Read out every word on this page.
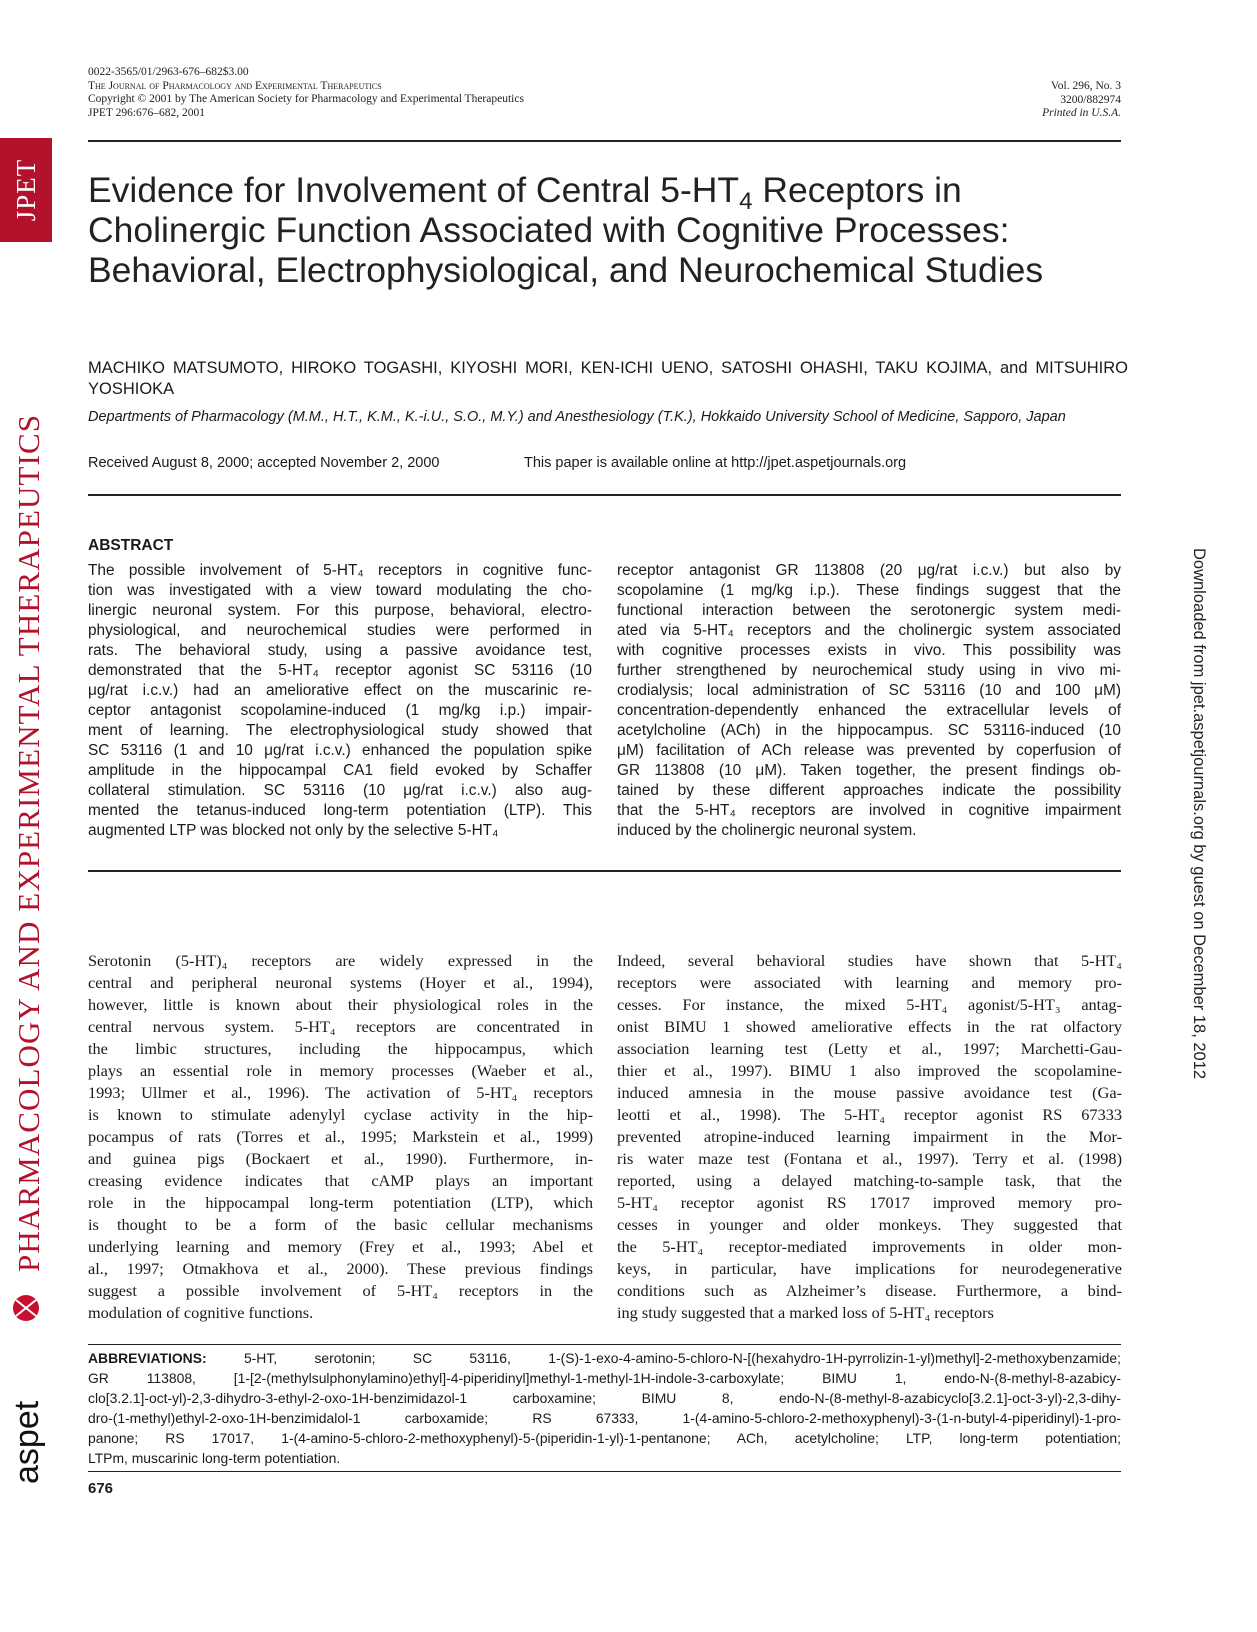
JPET
PHARMACOLOGY AND EXPERIMENTAL THERAPEUTICS
aspet
Downloaded from jpet.aspetjournals.org by guest on December 18, 2012
0022-3565/01/2963-676–682$3.00
The Journal of Pharmacology and Experimental Therapeutics
Copyright © 2001 by The American Society for Pharmacology and Experimental Therapeutics
JPET 296:676–682, 2001
Vol. 296, No. 3
3200/882974
Printed in U.S.A.
Evidence for Involvement of Central $5-HT_4$ Receptors in
Cholinergic Function Associated with Cognitive Processes:
Behavioral, Electrophysiological, and Neurochemical Studies

MACHIKO MATSUMOTO, HIROKO TOGASHI, KIYOSHI MORI, KEN-ICHI UENO, SATOSHI OHASHI, TAKU KOJIMA, and MITSUHIRO YOSHIOKA

Departments of Pharmacology (M.M., H.T., K.M., K.-i.U., S.O., M.Y.) and Anesthesiology (T.K.), Hokkaido University School of Medicine, Sapporo, Japan

Received August 8, 2000; accepted November 2, 2000	This paper is available online at http://jpet.aspetjournals.org

ABSTRACT

The possible involvement of 5-HT₄ receptors in cognitive func-
tion was investigated with a view toward modulating the cho-
linergic neuronal system. For this purpose, behavioral, electro-
physiological, and neurochemical studies were performed in
rats. The behavioral study, using a passive avoidance test,
demonstrated that the 5-HT₄ receptor agonist SC 53116 (10
μg/rat i.c.v.) had an ameliorative effect on the muscarinic re-
ceptor antagonist scopolamine-induced (1 mg/kg i.p.) impair-
ment of learning. The electrophysiological study showed that
SC 53116 (1 and 10 μg/rat i.c.v.) enhanced the population spike
amplitude in the hippocampal CA1 field evoked by Schaffer
collateral stimulation. SC 53116 (10 μg/rat i.c.v.) also aug-
mented the tetanus-induced long-term potentiation (LTP). This
augmented LTP was blocked not only by the selective 5-HT₄
receptor antagonist GR 113808 (20 μg/rat i.c.v.) but also by
scopolamine (1 mg/kg i.p.). These findings suggest that the
functional interaction between the serotonergic system medi-
ated via 5-HT₄ receptors and the cholinergic system associated
with cognitive processes exists in vivo. This possibility was
further strengthened by neurochemical study using in vivo mi-
crodialysis; local administration of SC 53116 (10 and 100 μM)
concentration-dependently enhanced the extracellular levels of
acetylcholine (ACh) in the hippocampus. SC 53116-induced (10
μM) facilitation of ACh release was prevented by coperfusion of
GR 113808 (10 μM). Taken together, the present findings ob-
tained by these different approaches indicate the possibility
that the 5-HT₄ receptors are involved in cognitive impairment
induced by the cholinergic neuronal system.
Serotonin (5-HT)₄ receptors are widely expressed in the
central and peripheral neuronal systems (Hoyer et al., 1994),
however, little is known about their physiological roles in the
central nervous system. 5-HT₄ receptors are concentrated in
the limbic structures, including the hippocampus, which
plays an essential role in memory processes (Waeber et al.,
1993; Ullmer et al., 1996). The activation of 5-HT₄ receptors
is known to stimulate adenylyl cyclase activity in the hip-
pocampus of rats (Torres et al., 1995; Markstein et al., 1999)
and guinea pigs (Bockaert et al., 1990). Furthermore, in-
creasing evidence indicates that cAMP plays an important
role in the hippocampal long-term potentiation (LTP), which
is thought to be a form of the basic cellular mechanisms
underlying learning and memory (Frey et al., 1993; Abel et
al., 1997; Otmakhova et al., 2000). These previous findings
suggest a possible involvement of 5-HT₄ receptors in the
modulation of cognitive functions.
Indeed, several behavioral studies have shown that 5-HT₄
receptors were associated with learning and memory pro-
cesses. For instance, the mixed 5-HT₄ agonist/5-HT₃ antag-
onist BIMU 1 showed ameliorative effects in the rat olfactory
association learning test (Letty et al., 1997; Marchetti-Gau-
thier et al., 1997). BIMU 1 also improved the scopolamine-
induced amnesia in the mouse passive avoidance test (Ga-
leotti et al., 1998). The 5-HT₄ receptor agonist RS 67333
prevented atropine-induced learning impairment in the Mor-
ris water maze test (Fontana et al., 1997). Terry et al. (1998)
reported, using a delayed matching-to-sample task, that the
5-HT₄ receptor agonist RS 17017 improved memory pro-
cesses in younger and older monkeys. They suggested that
the 5-HT₄ receptor-mediated improvements in older mon-
keys, in particular, have implications for neurodegenerative
conditions such as Alzheimer’s disease. Furthermore, a bind-
ing study suggested that a marked loss of 5-HT₄ receptors
ABBREVIATIONS:	5-HT, serotonin; SC 53116, 1-(S)-1-exo-4-amino-5-chloro-N-[(hexahydro-1H-pyrrolizin-1-yl)methyl]-2-methoxybenzamide;
GR 113808, [1-[2-(methylsulphonylamino)ethyl]-4-piperidinyl]methyl-1-methyl-1H-indole-3-carboxylate; BIMU 1, endo-N-(8-methyl-8-azabicy-
clo[3.2.1]-oct-yl)-2,3-dihydro-3-ethyl-2-oxo-1H-benzimidazol-1 carboxamine; BIMU 8, endo-N-(8-methyl-8-azabicyclo[3.2.1]-oct-3-yl)-2,3-dihy-
dro-(1-methyl)ethyl-2-oxo-1H-benzimidalol-1 carboxamide; RS 67333, 1-(4-amino-5-chloro-2-methoxyphenyl)-3-(1-n-butyl-4-piperidinyl)-1-pro-
panone; RS 17017, 1-(4-amino-5-chloro-2-methoxyphenyl)-5-(piperidin-1-yl)-1-pentanone; ACh, acetylcholine; LTP, long-term potentiation;
LTPm, muscarinic long-term potentiation.

676
